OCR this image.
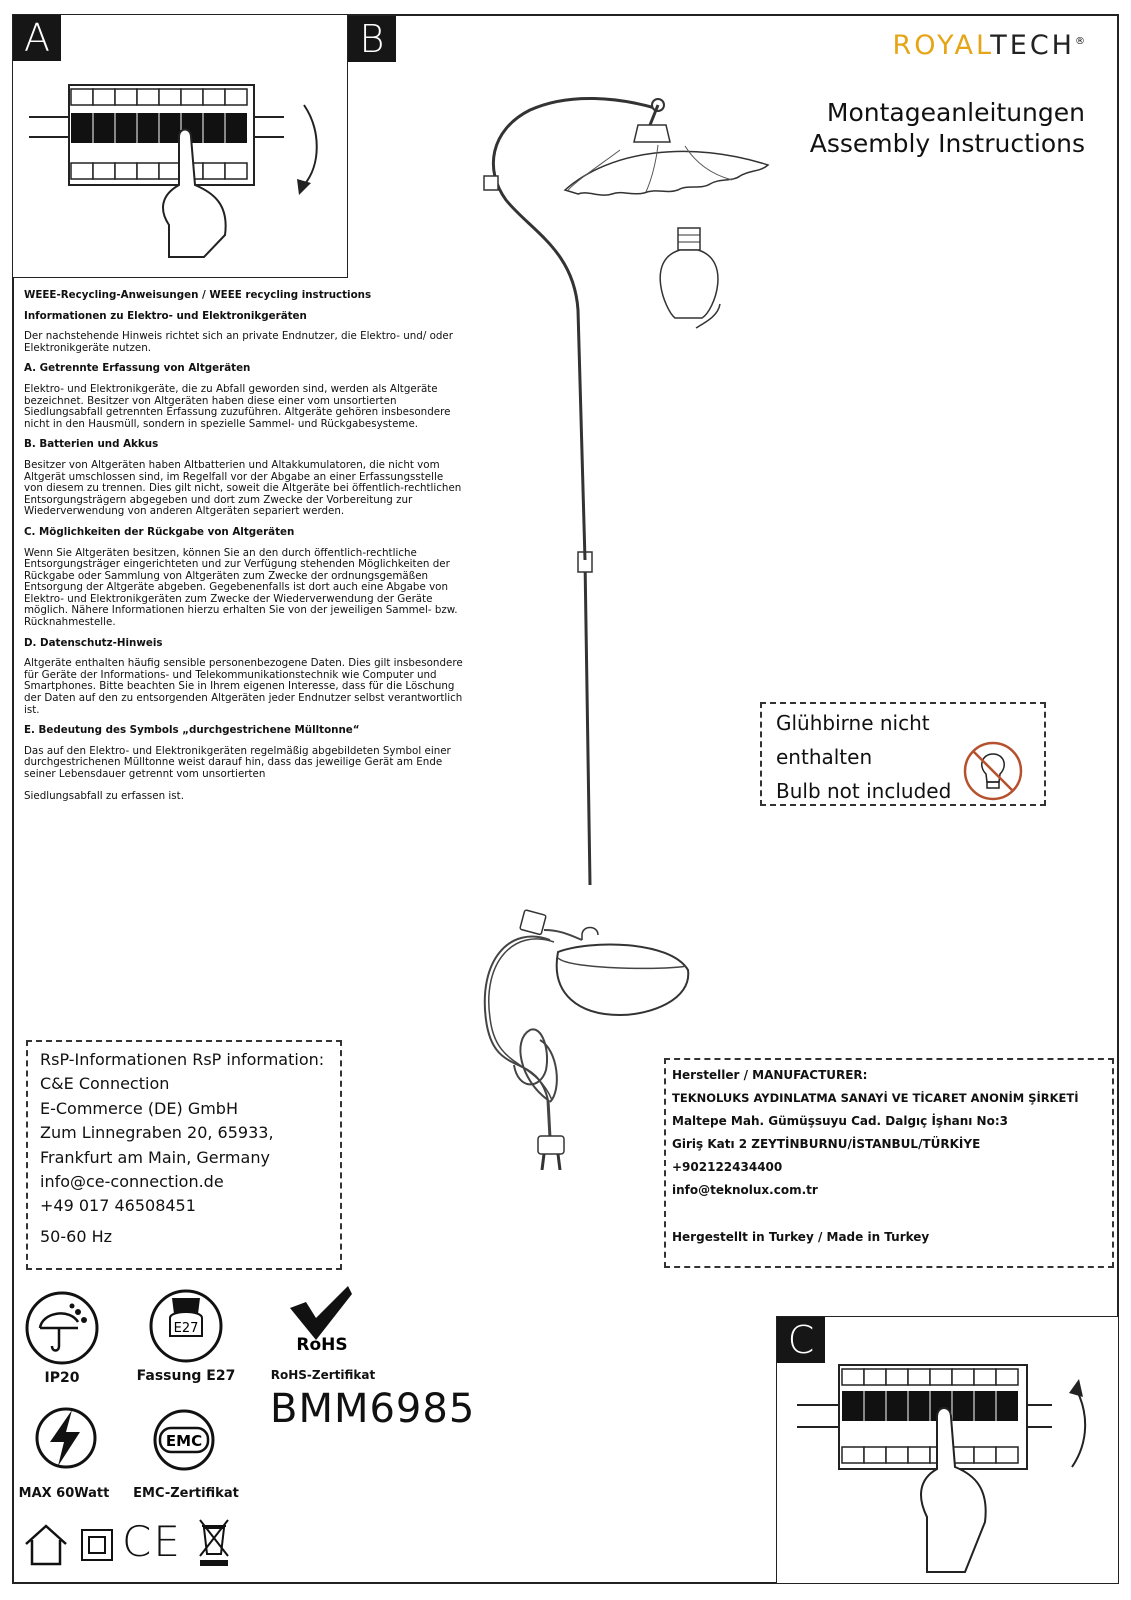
A	B	ROYALTECH®
Montageanleitungen
Assembly Instructions
WEEE-Recycling-Anweisungen / WEEE recycling instructions
Informationen zu Elektro- und Elektronikgeräten

Der nachstehende Hinweis richtet sich an private Endnutzer, die Elektro- und/ oder Elektronikgeräte nutzen.

A. Getrennte Erfassung von Altgeräten

Elektro- und Elektronikgeräte, die zu Abfall geworden sind, werden als Altgeräte bezeichnet. Besitzer von Altgeräten haben diese einer vom unsortierten Siedlungsabfall getrennten Erfassung zuzuführen. Altgeräte gehören insbesondere nicht in den Hausmüll, sondern in spezielle Sammel- und Rückgabesysteme.

B. Batterien und Akkus

Besitzer von Altgeräten haben Altbatterien und Altakkumulatoren, die nicht vom Altgerät umschlossen sind, im Regelfall vor der Abgabe an einer Erfassungsstelle von diesem zu trennen. Dies gilt nicht, soweit die Altgeräte bei öffentlich-rechtlichen Entsorgungsträgern abgegeben und dort zum Zwecke der Vorbereitung zur Wiederverwendung von anderen Altgeräten separiert werden.

C. Möglichkeiten der Rückgabe von Altgeräten

Wenn Sie Altgeräten besitzen, können Sie an den durch öffentlich-rechtliche Entsorgungsträger eingerichteten und zur Verfügung stehenden Möglichkeiten der Rückgabe oder Sammlung von Altgeräten zum Zwecke der ordnungsgemäßen Entsorgung der Altgeräte abgeben. Gegebenenfalls ist dort auch eine Abgabe von Elektro- und Elektronikgeräten zum Zwecke der Wiederverwendung der Geräte möglich. Nähere Informationen hierzu erhalten Sie von der jeweiligen Sammel- bzw. Rücknahmestelle.

D. Datenschutz-Hinweis

Altgeräte enthalten häufig sensible personenbezogene Daten. Dies gilt insbesondere für Geräte der Informations- und Telekommunikationstechnik wie Computer und Smartphones. Bitte beachten Sie in Ihrem eigenen Interesse, dass für die Löschung der Daten auf den zu entsorgenden Altgeräten jeder Endnutzer selbst verantwortlich ist.

E. Bedeutung des Symbols „durchgestrichene Mülltonne“

Das auf den Elektro- und Elektronikgeräten regelmäßig abgebildeten Symbol einer durchgestrichenen Mülltonne weist darauf hin, dass das jeweilige Gerät am Ende seiner Lebensdauer getrennt vom unsortierten

Siedlungsabfall zu erfassen ist.

Glühbirne nicht enthalten
Bulb not included
RsP-Informationen RsP information:
C&E Connection
E-Commerce (DE) GmbH
Zum Linnegraben 20, 65933,
Frankfurt am Main, Germany
info@ce-connection.de
+49 017 46508451
50-60 Hz
Hersteller / MANUFACTURER:
TEKNOLUKS AYDINLATMA SANAYİ VE TİCARET ANONİM ŞİRKETİ
Maltepe Mah. Gümüşsuyu Cad. Dalgıç İşhanı No:3
Giriş Katı 2 ZEYTİNBURNU/İSTANBUL/TÜRKİYE
+902122434400
info@teknolux.com.tr
Hergestellt in Turkey / Made in Turkey
C
IP20
E27
Fassung E27
RoHS
RoHS-Zertifikat
MAX 60Watt
EMC
EMC-Zertifikat
BMM6985
CE
